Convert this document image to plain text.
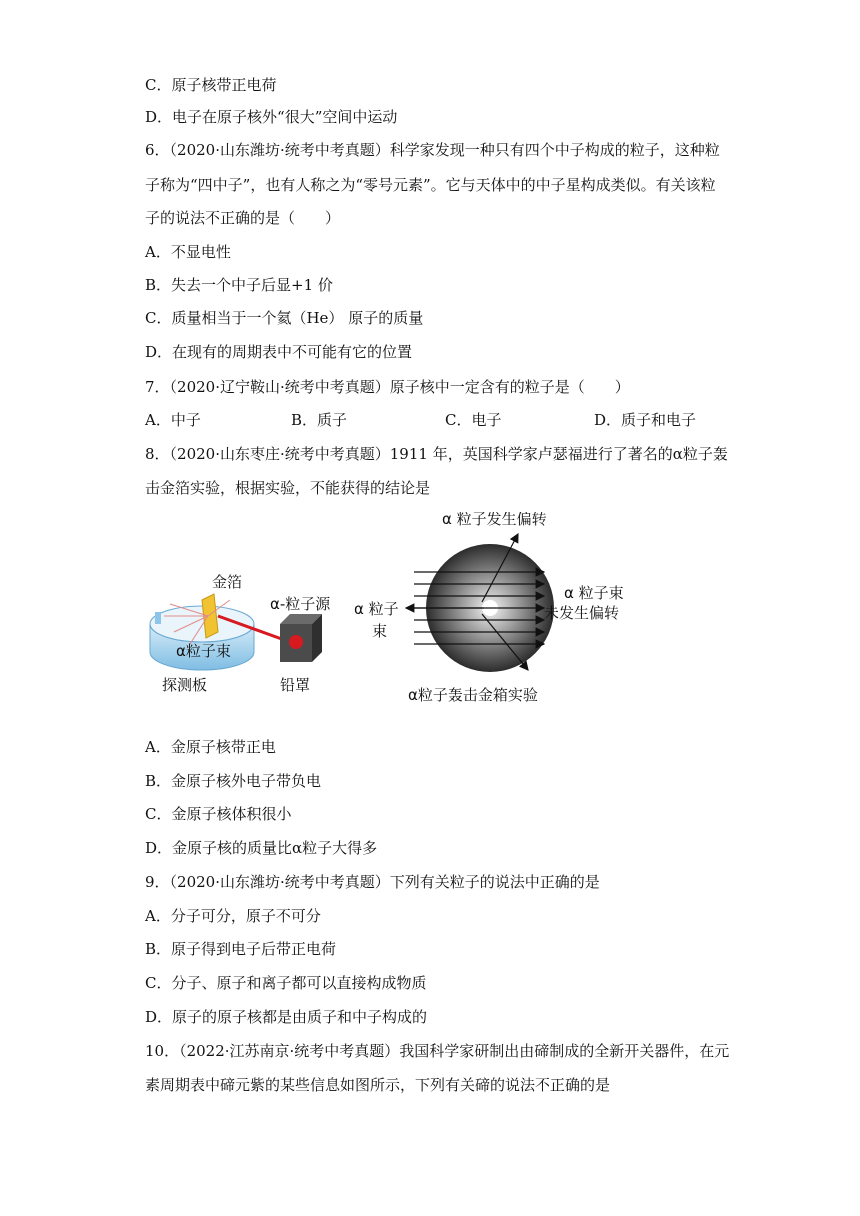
C．原子核带正电荷
D．电子在原子核外“很大”空间中运动
6．（2020·山东潍坊·统考中考真题）科学家发现一种只有四个中子构成的粒子，这种粒
子称为“四中子”，也有人称之为“零号元素”。它与天体中的中子星构成类似。有关该粒
子的说法不正确的是（　　）
A．不显电性
B．失去一个中子后显+1 价
C．质量相当于一个氦（He） 原子的质量
D．在现有的周期表中不可能有它的位置
7．（2020·辽宁鞍山·统考中考真题）原子核中一定含有的粒子是（　　）
A．中子	B．质子	C．电子	D．质子和电子
8．（2020·山东枣庄·统考中考真题）1911 年，英国科学家卢瑟福进行了著名的α粒子轰
击金箔实验，根据实验，不能获得的结论是
金箔
α-粒子源
α粒子束
探测板	铅罩
α 粒子发生偏转
α 粒子束
未发生偏转
α 粒子
束
α粒子轰击金箱实验
A．金原子核带正电
B．金原子核外电子带负电
C．金原子核体积很小
D．金原子核的质量比α粒子大得多
9．（2020·山东潍坊·统考中考真题）下列有关粒子的说法中正确的是
A．分子可分，原子不可分
B．原子得到电子后带正电荷
C．分子、原子和离子都可以直接构成物质
D．原子的原子核都是由质子和中子构成的
10．（2022·江苏南京·统考中考真题）我国科学家研制出由碲制成的全新开关器件，在元
素周期表中碲元紫的某些信息如图所示，下列有关碲的说法不正确的是
